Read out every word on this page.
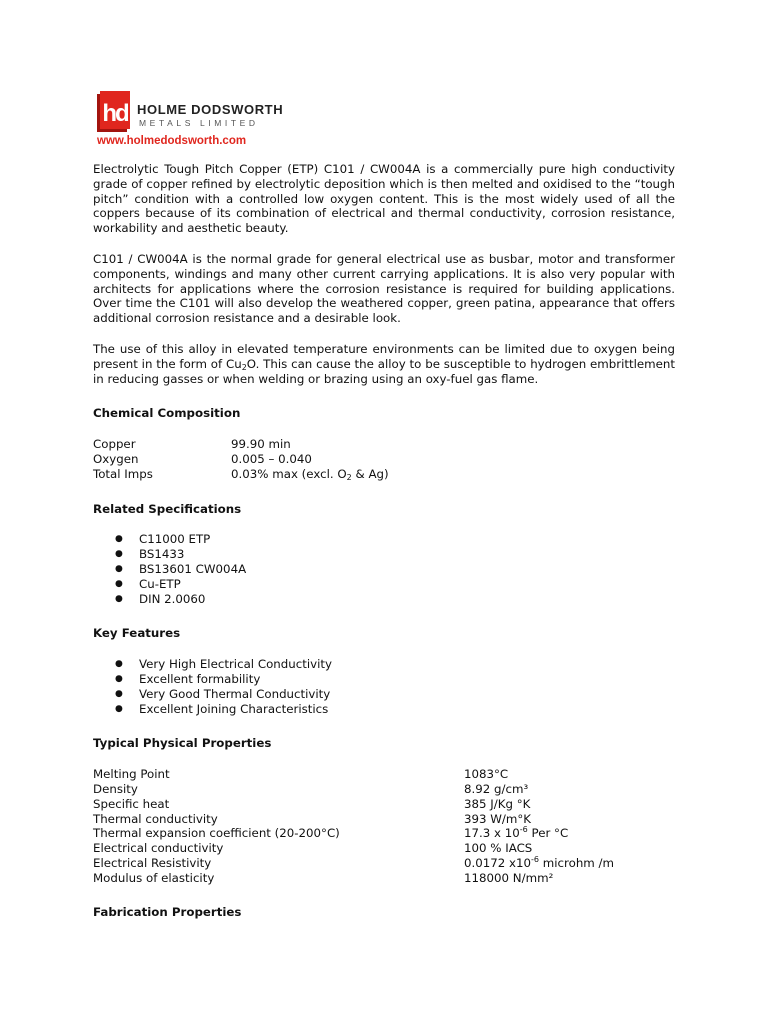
hd HOLME DODSWORTH
METALS LIMITED
www.holmedodsworth.com

Electrolytic Tough Pitch Copper (ETP) C101 / CW004A is a commercially pure high conductivity grade of copper refined by electrolytic deposition which is then melted and oxidised to the “tough pitch” condition with a controlled low oxygen content. This is the most widely used of all the coppers because of its combination of electrical and thermal conductivity, corrosion resistance, workability and aesthetic beauty.

C101 / CW004A is the normal grade for general electrical use as busbar, motor and transformer components, windings and many other current carrying applications. It is also very popular with architects for applications where the corrosion resistance is required for building applications. Over time the C101 will also develop the weathered copper, green patina, appearance that offers additional corrosion resistance and a desirable look.

The use of this alloy in elevated temperature environments can be limited due to oxygen being present in the form of $Cu_2O$. This can cause the alloy to be susceptible to hydrogen embrittlement in reducing gasses or when welding or brazing using an oxy-fuel gas flame.

Chemical Composition
Copper	99.90 min
Oxygen	0.005 – 0.040
Total Imps	0.03% max (excl. $O_2$ & Ag)
Related Specifications
● C11000 ETP
● BS1433
● BS13601 CW004A
● Cu-ETP
● DIN 2.0060
Key Features
● Very High Electrical Conductivity
● Excellent formability
● Very Good Thermal Conductivity
● Excellent Joining Characteristics
Typical Physical Properties
Melting Point	1083°C
Density	8.92 g/cm³
Specific heat	385 J/Kg °K
Thermal conductivity	393 W/m°K
Thermal expansion coefficient (20-200°C)	17.3 x $10^{-6}$ Per °C
Electrical conductivity	100 % IACS
Electrical Resistivity	0.0172 $x10^{-6}$ microhm /m
Modulus of elasticity	118000 N/mm²
Fabrication Properties
